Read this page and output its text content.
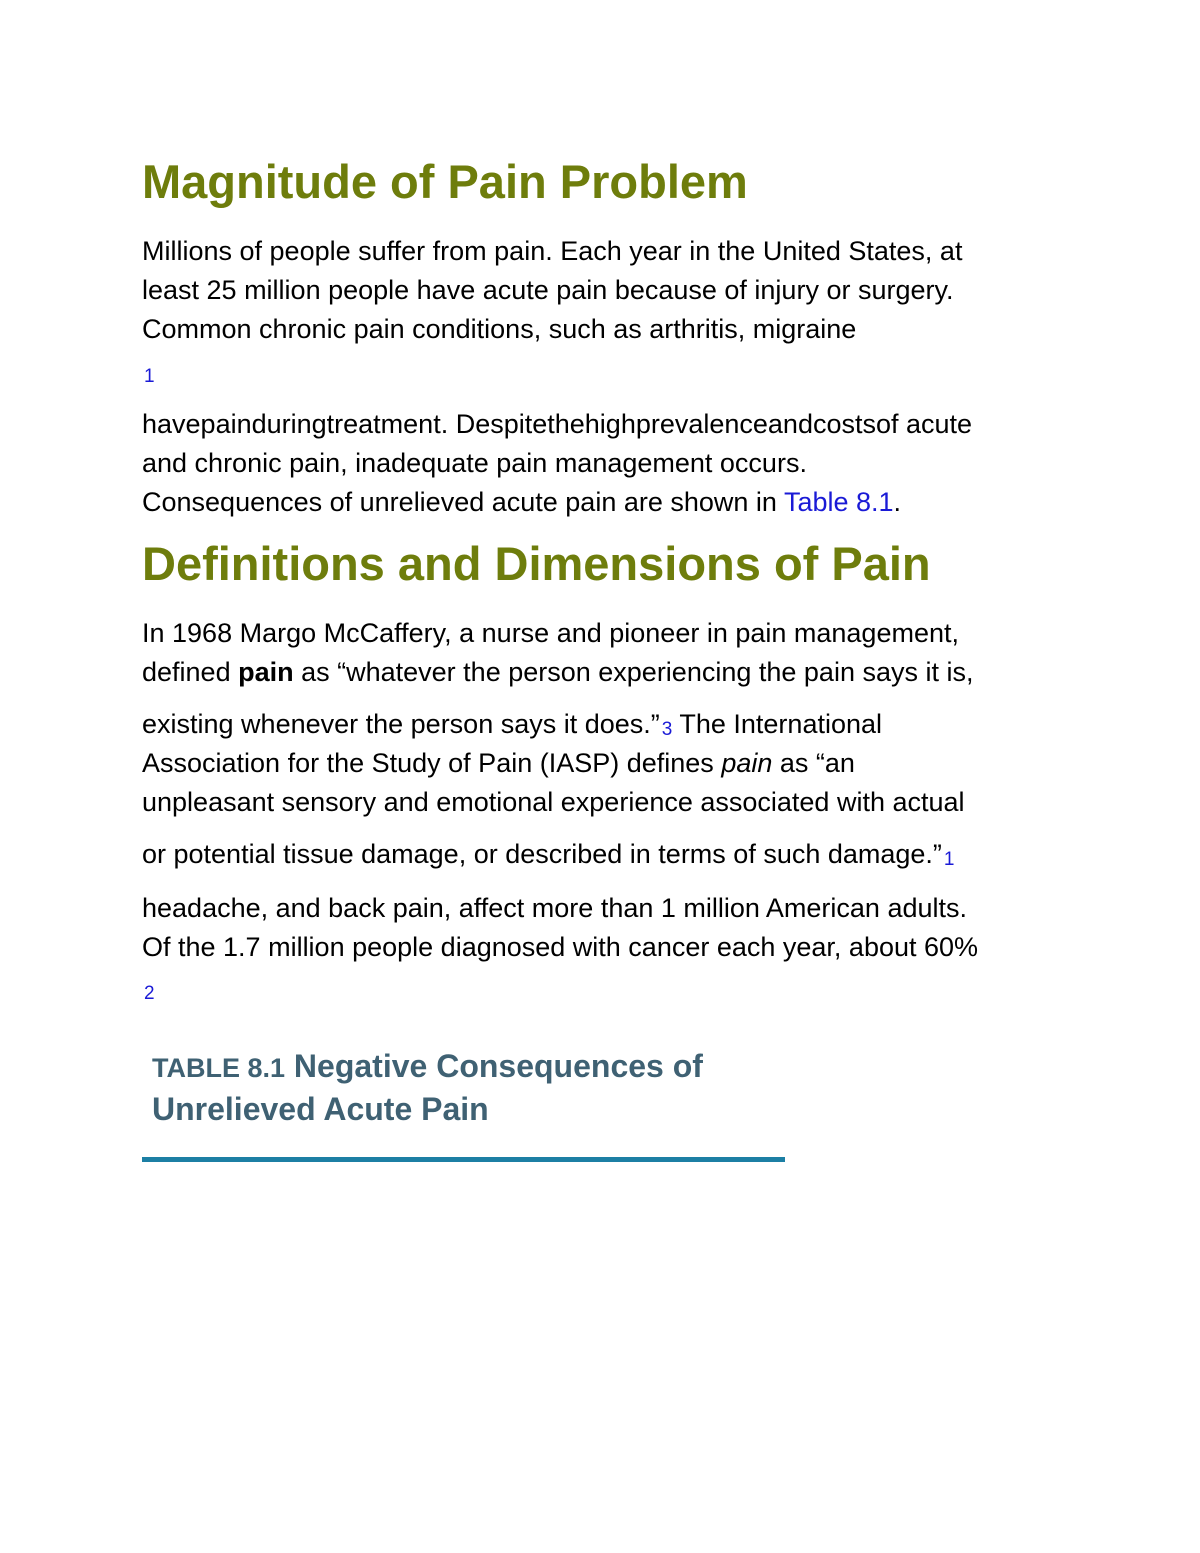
Magnitude of Pain Problem

Millions of people suffer from pain. Each year in the United States, at

least 25 million people have acute pain because of injury or surgery.

Common chronic pain conditions, such as arthritis, migraine

1

havepainduringtreatment. Despitethehighprevalenceandcostsof acute

and chronic pain, inadequate pain management occurs.

Consequences of unrelieved acute pain are shown in Table 8.1.

Definitions and Dimensions of Pain

In 1968 Margo McCaffery, a nurse and pioneer in pain management,

defined pain as “whatever the person experiencing the pain says it is,

existing whenever the person says it does.” 3 The International

Association for the Study of Pain (IASP) defines pain as “an

unpleasant sensory and emotional experience associated with actual

or potential tissue damage, or described in terms of such damage.” 1

headache, and back pain, affect more than 1 million American adults.

Of the 1.7 million people diagnosed with cancer each year, about 60%

2

TABLE 8.1 Negative Consequences of
Unrelieved Acute Pain
